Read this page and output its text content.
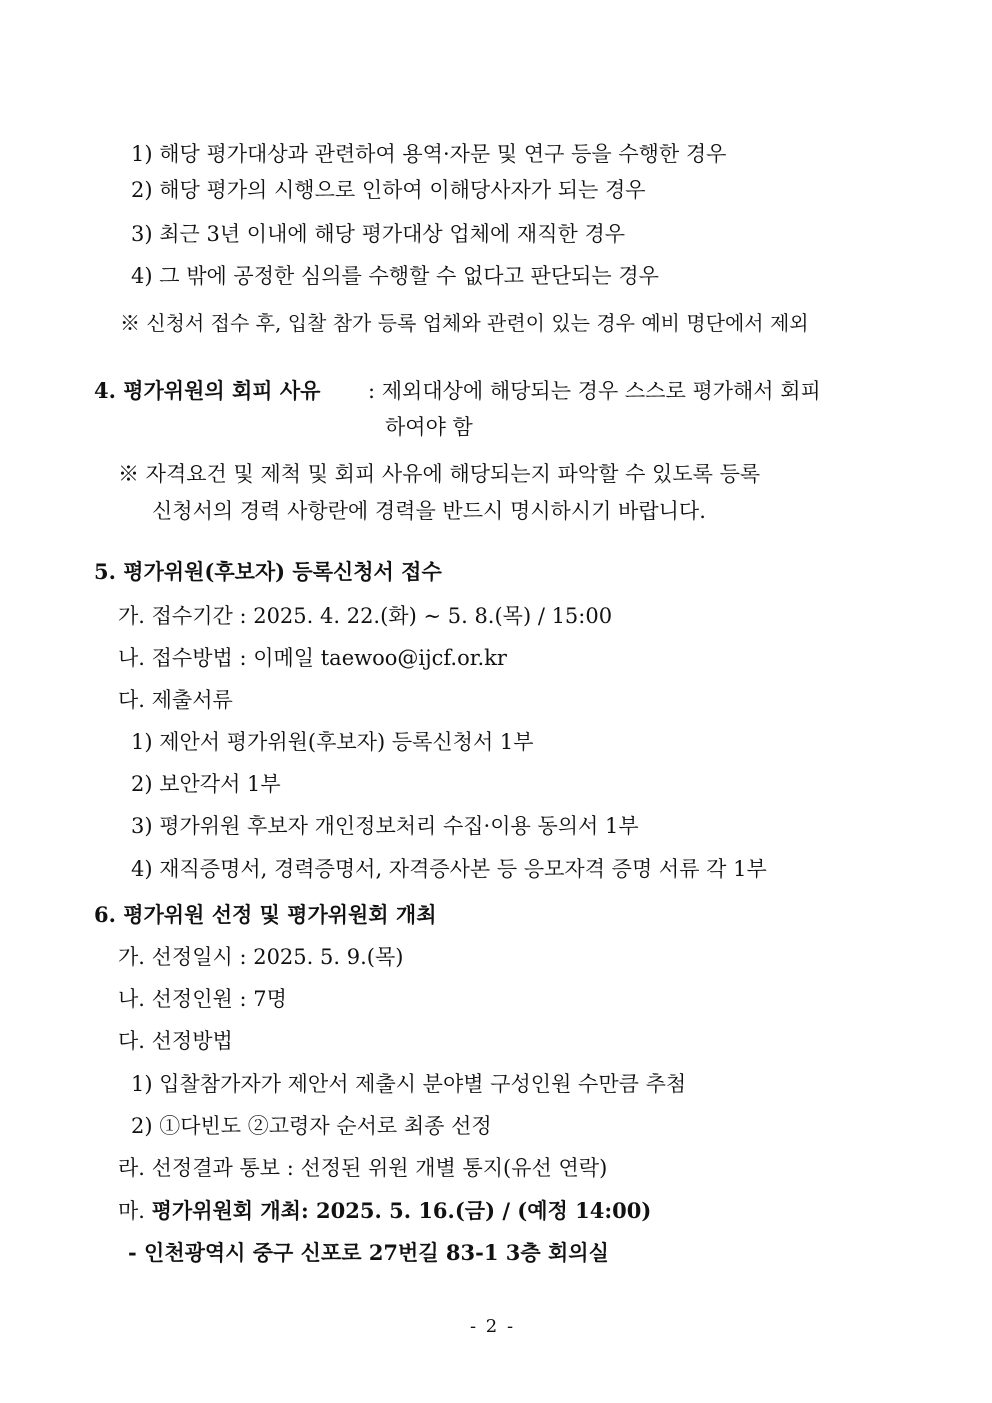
1) 해당 평가대상과 관련하여 용역·자문 및 연구 등을 수행한 경우
2) 해당 평가의 시행으로 인하여 이해당사자가 되는 경우
3) 최근 3년 이내에 해당 평가대상 업체에 재직한 경우
4) 그 밖에 공정한 심의를 수행할 수 없다고 판단되는 경우
※ 신청서 접수 후, 입찰 참가 등록 업체와 관련이 있는 경우 예비 명단에서 제외
4. 평가위원의 회피 사유 : 제외대상에 해당되는 경우 스스로 평가해서 회피
하여야 함
※ 자격요건 및 제척 및 회피 사유에 해당되는지 파악할 수 있도록 등록
신청서의 경력 사항란에 경력을 반드시 명시하시기 바랍니다.
5. 평가위원(후보자) 등록신청서 접수
가. 접수기간 : 2025. 4. 22.(화) ∼ 5. 8.(목) / 15:00
나. 접수방법 : 이메일 taewoo@ijcf.or.kr
다. 제출서류
1) 제안서 평가위원(후보자) 등록신청서 1부
2) 보안각서 1부
3) 평가위원 후보자 개인정보처리 수집·이용 동의서 1부
4) 재직증명서, 경력증명서, 자격증사본 등 응모자격 증명 서류 각 1부
6. 평가위원 선정 및 평가위원회 개최
가. 선정일시 : 2025. 5. 9.(목)
나. 선정인원 : 7명
다. 선정방법
1) 입찰참가자가 제안서 제출시 분야별 구성인원 수만큼 추첨
2) ①다빈도 ②고령자 순서로 최종 선정
라. 선정결과 통보 : 선정된 위원 개별 통지(유선 연락)
마. 평가위원회 개최: 2025. 5. 16.(금) / (예정 14:00)
- 인천광역시 중구 신포로 27번길 83-1 3층 회의실
- 2 -
